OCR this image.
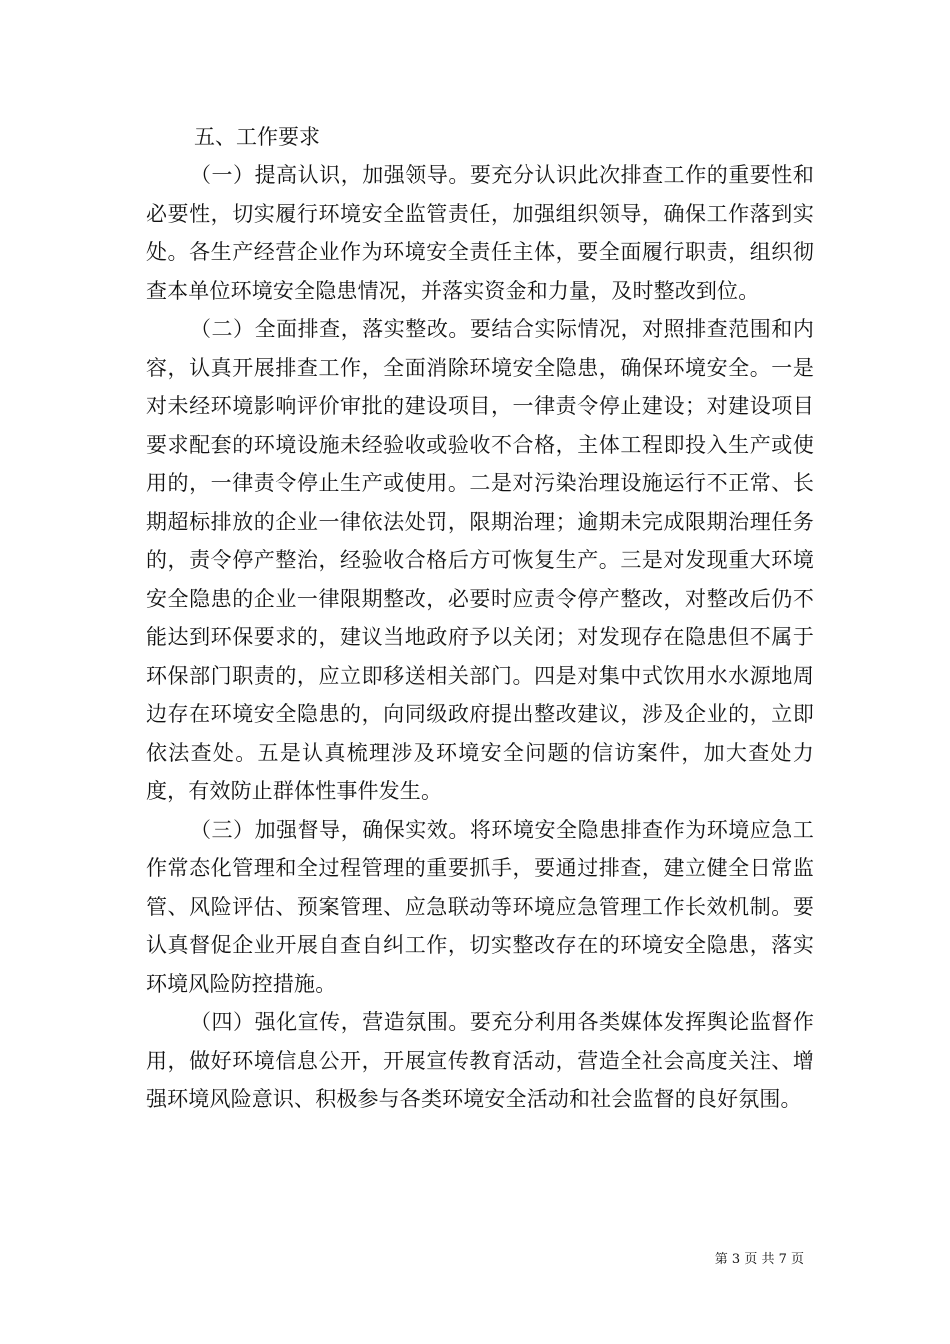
五、工作要求

（一）提高认识，加强领导。要充分认识此次排查工作的重要性和必要性，切实履行环境安全监管责任，加强组织领导，确保工作落到实处。各生产经营企业作为环境安全责任主体，要全面履行职责，组织彻查本单位环境安全隐患情况，并落实资金和力量，及时整改到位。

（二）全面排查，落实整改。要结合实际情况，对照排查范围和内容，认真开展排查工作，全面消除环境安全隐患，确保环境安全。一是对未经环境影响评价审批的建设项目，一律责令停止建设；对建设项目要求配套的环境设施未经验收或验收不合格，主体工程即投入生产或使用的，一律责令停止生产或使用。二是对污染治理设施运行不正常、长期超标排放的企业一律依法处罚，限期治理；逾期未完成限期治理任务的，责令停产整治，经验收合格后方可恢复生产。三是对发现重大环境安全隐患的企业一律限期整改，必要时应责令停产整改，对整改后仍不能达到环保要求的，建议当地政府予以关闭；对发现存在隐患但不属于环保部门职责的，应立即移送相关部门。四是对集中式饮用水水源地周边存在环境安全隐患的，向同级政府提出整改建议，涉及企业的，立即依法查处。五是认真梳理涉及环境安全问题的信访案件，加大查处力度，有效防止群体性事件发生。

（三）加强督导，确保实效。将环境安全隐患排查作为环境应急工作常态化管理和全过程管理的重要抓手，要通过排查，建立健全日常监管、风险评估、预案管理、应急联动等环境应急管理工作长效机制。要认真督促企业开展自查自纠工作，切实整改存在的环境安全隐患，落实环境风险防控措施。

（四）强化宣传，营造氛围。要充分利用各类媒体发挥舆论监督作用，做好环境信息公开，开展宣传教育活动，营造全社会高度关注、增强环境风险意识、积极参与各类环境安全活动和社会监督的良好氛围。

第 3 页 共 7 页
